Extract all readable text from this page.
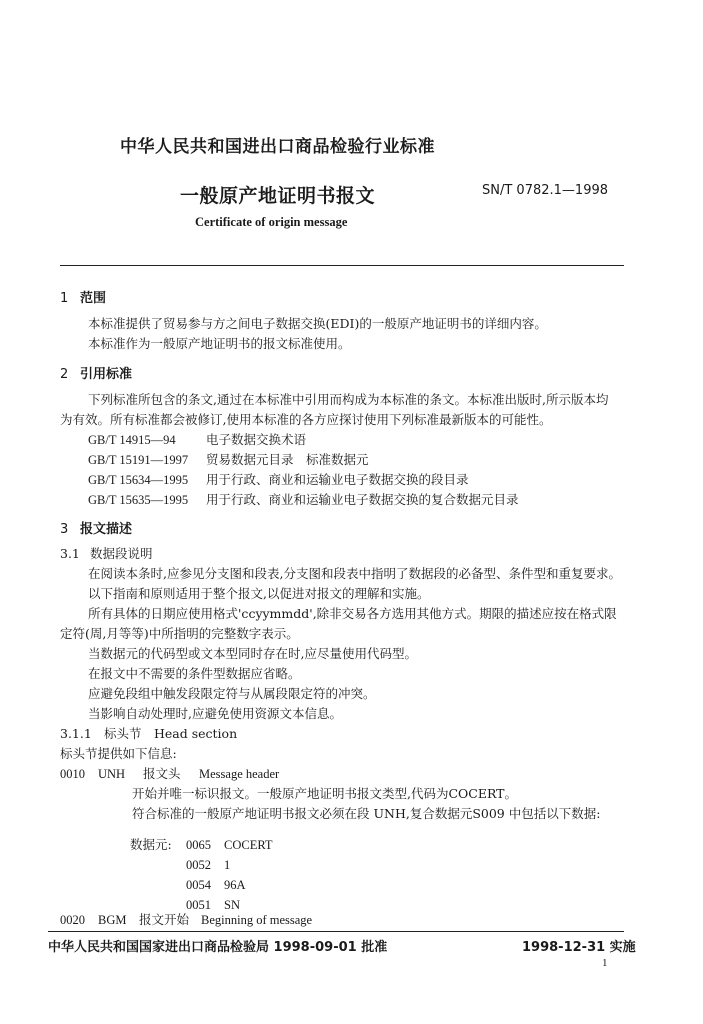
中华人民共和国进出口商品检验行业标准
一般原产地证明书报文	SN/T 0782.1—1998
Certificate of origin message
1 范围
本标准提供了贸易参与方之间电子数据交换(EDI)的一般原产地证明书的详细内容。
本标准作为一般原产地证明书的报文标准使用。
2 引用标准
下列标准所包含的条文,通过在本标准中引用而构成为本标准的条文。本标准出版时,所示版本均
为有效。所有标准都会被修订,使用本标准的各方应探讨使用下列标准最新版本的可能性。
GB/T 14915—94 电子数据交换术语
GB/T 15191—1997 贸易数据元目录　标准数据元
GB/T 15634—1995 用于行政、商业和运输业电子数据交换的段目录
GB/T 15635—1995 用于行政、商业和运输业电子数据交换的复合数据元目录
3 报文描述
3.1 数据段说明
在阅读本条时,应参见分支图和段表,分支图和段表中指明了数据段的必备型、条件型和重复要求。
以下指南和原则适用于整个报文,以促进对报文的理解和实施。
所有具体的日期应使用格式'ccyymmdd',除非交易各方选用其他方式。期限的描述应按在格式限
定符(周,月等等)中所指明的完整数字表示。
当数据元的代码型或文本型同时存在时,应尽量使用代码型。
在报文中不需要的条件型数据应省略。
应避免段组中触发段限定符与从属段限定符的冲突。
当影响自动处理时,应避免使用资源文本信息。
3.1.1 标头节　Head section
标头节提供如下信息:
0010 UNH 报文头 Message header
开始并唯一标识报文。一般原产地证明书报文类型,代码为COCERT。
符合标准的一般原产地证明书报文必须在段 UNH,复合数据元S009 中包括以下数据:
数据元: 0065 COCERT
0052 1
0054 96A
0051 SN
0020 BGM 报文开始 Beginning of message
中华人民共和国国家进出口商品检验局 1998-09-01 批准	1998-12-31 实施
1
